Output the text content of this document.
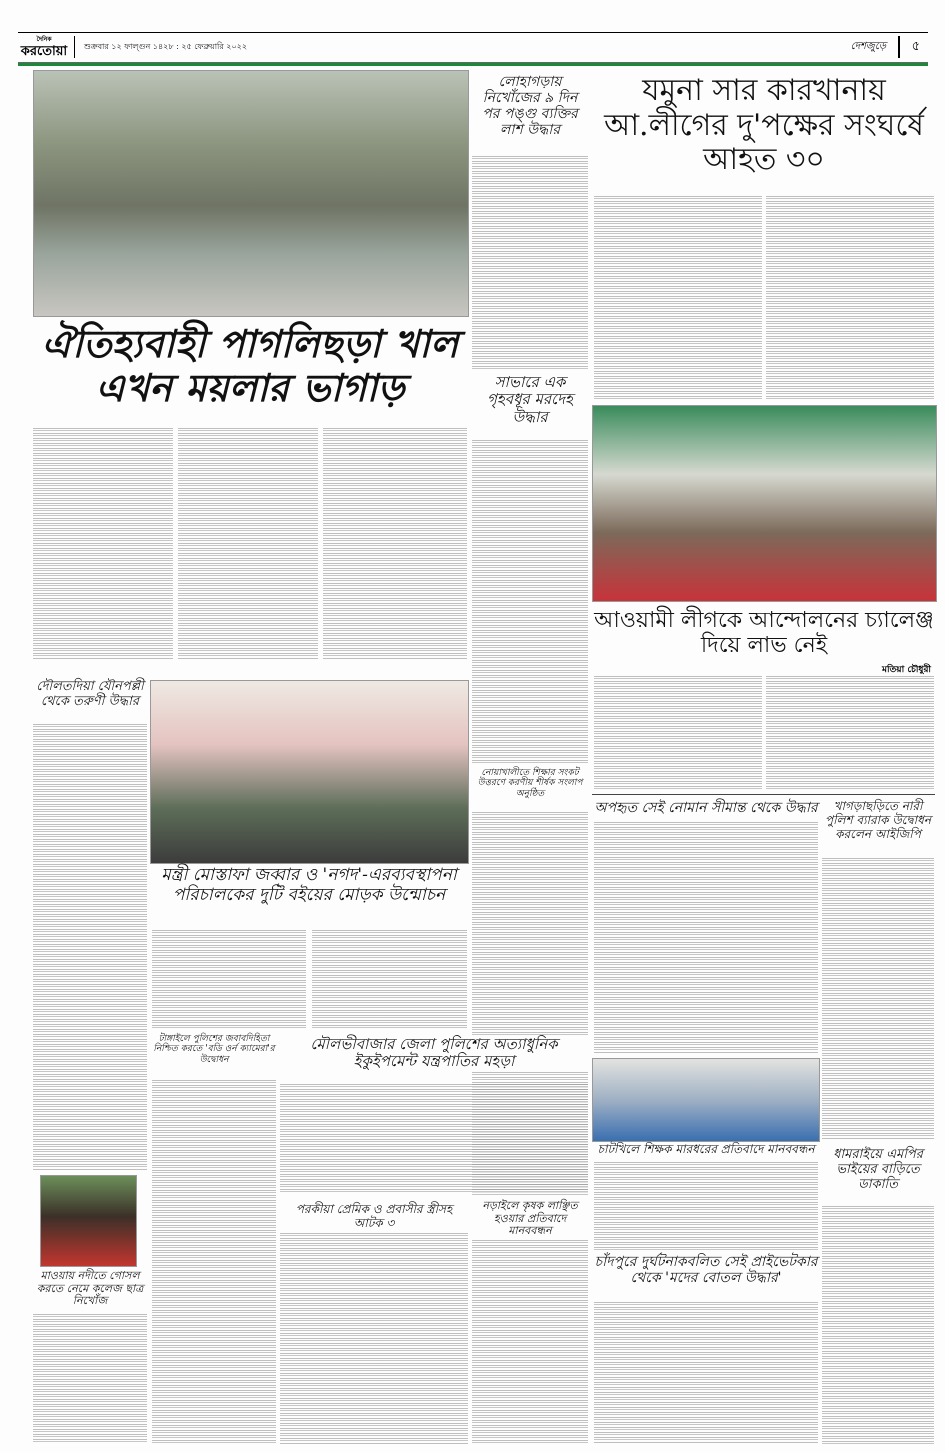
দৈনিক
করতোয়া	শুক্রবার ১২ ফাল্গুন ১৪২৮ : ২৫ ফেব্রুয়ারি ২০২২	দেশজুড়ে ৫
ঐতিহ্যবাহী পাগলিছড়া খাল এখন ময়লার ভাগাড়
লোহাগড়ায় নিখোঁজের ৯ দিন পর পঙ্গু ব্যক্তির লাশ উদ্ধার
সাভারে এক গৃহবধূর মরদেহ উদ্ধার
যমুনা সার কারখানায় আ.লীগের দু'পক্ষের সংঘর্ষে আহত ৩০
আওয়ামী লীগকে আন্দোলনের চ্যালেঞ্জ দিয়ে লাভ নেই
মতিয়া চৌধুরী
নোয়াখালীতে শিক্ষার সংকট উত্তরণে করণীয় শীর্ষক সংলাপ অনুষ্ঠিত
অপহৃত সেই নোমান সীমান্ত থেকে উদ্ধার	খাগড়াছড়িতে নারী পুলিশ ব্যারাক উদ্বোধন করলেন আইজিপি
চাটখিলে শিক্ষক মারধরের প্রতিবাদে মানববন্ধন	ধামরাইয়ে এমপির ভাইয়ের বাড়িতে ডাকাতি
চাঁদপুরে দুর্ঘটনাকবলিত সেই প্রাইভেটকার থেকে 'মদের বোতল উদ্ধার'
দৌলতদিয়া যৌনপল্লী থেকে তরুণী উদ্ধার
মাওয়ায় নদীতে গোসল করতে নেমে কলেজ ছাত্র নিখোঁজ
মন্ত্রী মোস্তাফা জব্বার ও 'নগদ'-এরব্যবস্থাপনা পরিচালকের দুটি বইয়ের মোড়ক উন্মোচন
টাঙ্গাইলে পুলিশের জবাবদিহিতা নিশ্চিত করতে 'বডি ওর্ন ক্যামেরা'র উদ্বোধন
মৌলভীবাজার জেলা পুলিশের অত্যাধুনিক ইকুইপমেন্ট যন্ত্রপাতির মহড়া
পরকীয়া প্রেমিক ও প্রবাসীর স্ত্রীসহ আটক ৩
নড়াইলে কৃষক লাঞ্ছিত হওয়ার প্রতিবাদে মানববন্ধন
